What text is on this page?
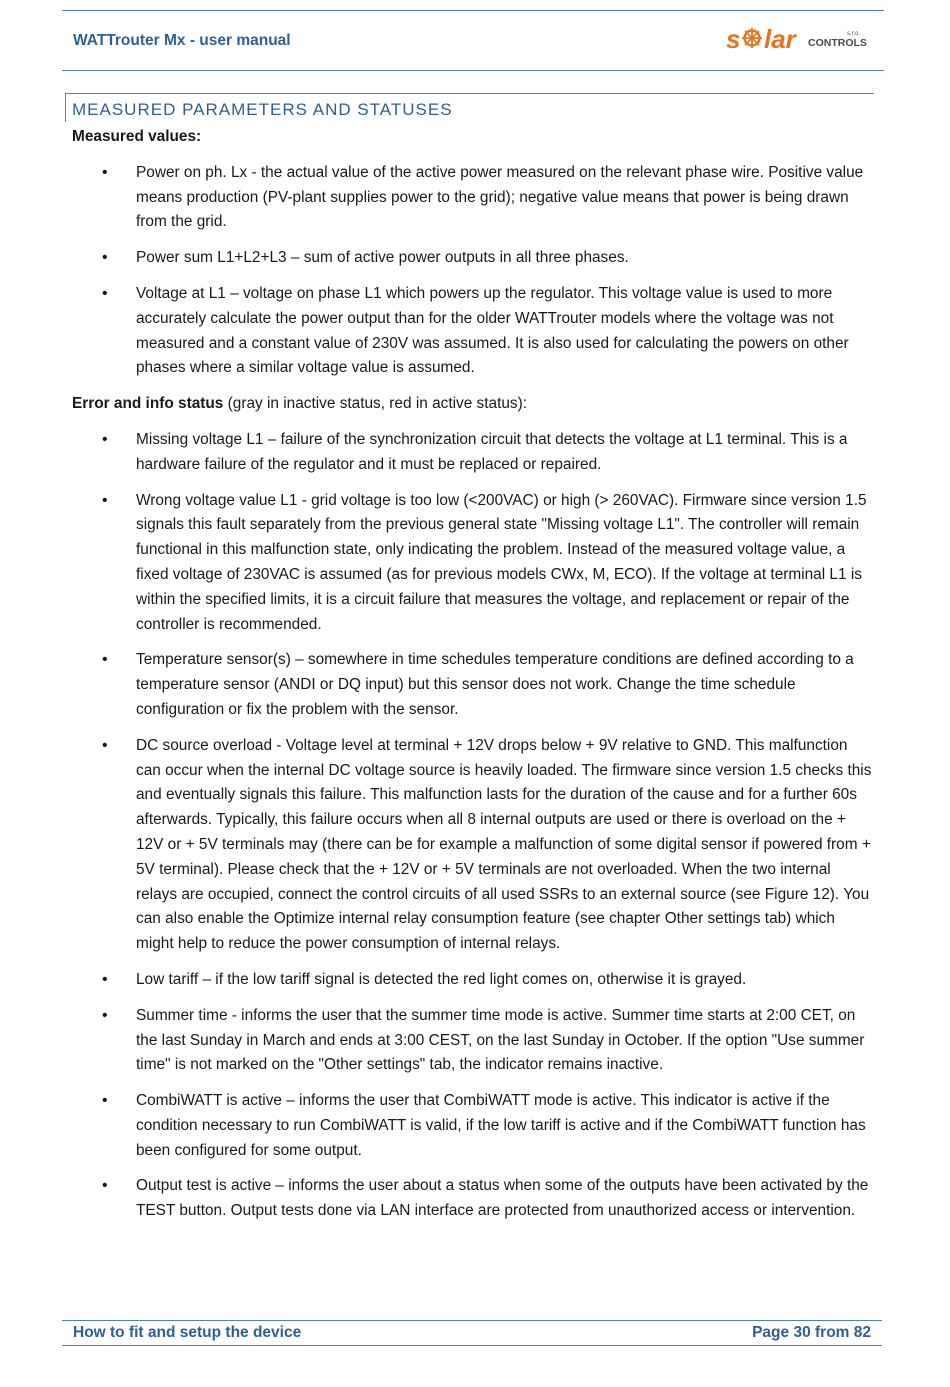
WATTrouter Mx - user manual	s lar	s.r.o.
CONTROLS
MEASURED PARAMETERS AND STATUSES

Measured values:

• Power on ph. Lx - the actual value of the active power measured on the relevant phase wire. Positive value means production (PV-plant supplies power to the grid); negative value means that power is being drawn from the grid.
• Power sum L1+L2+L3 – sum of active power outputs in all three phases.
• Voltage at L1 – voltage on phase L1 which powers up the regulator. This voltage value is used to more accurately calculate the power output than for the older WATTrouter models where the voltage was not measured and a constant value of 230V was assumed. It is also used for calculating the powers on other phases where a similar voltage value is assumed.

Error and info status (gray in inactive status, red in active status):

• Missing voltage L1 – failure of the synchronization circuit that detects the voltage at L1 terminal. This is a hardware failure of the regulator and it must be replaced or repaired.
• Wrong voltage value L1 - grid voltage is too low (<200VAC) or high (> 260VAC). Firmware since version 1.5 signals this fault separately from the previous general state "Missing voltage L1". The controller will remain functional in this malfunction state, only indicating the problem. Instead of the measured voltage value, a fixed voltage of 230VAC is assumed (as for previous models CWx, M, ECO). If the voltage at terminal L1 is within the specified limits, it is a circuit failure that measures the voltage, and replacement or repair of the controller is recommended.
• Temperature sensor(s) – somewhere in time schedules temperature conditions are defined according to a temperature sensor (ANDI or DQ input) but this sensor does not work. Change the time schedule configuration or fix the problem with the sensor.
• DC source overload - Voltage level at terminal + 12V drops below + 9V relative to GND. This malfunction can occur when the internal DC voltage source is heavily loaded. The firmware since version 1.5 checks this and eventually signals this failure. This malfunction lasts for the duration of the cause and for a further 60s afterwards. Typically, this failure occurs when all 8 internal outputs are used or there is overload on the + 12V or + 5V terminals may (there can be for example a malfunction of some digital sensor if powered from + 5V terminal). Please check that the + 12V or + 5V terminals are not overloaded. When the two internal relays are occupied, connect the control circuits of all used SSRs to an external source (see Figure 12). You can also enable the Optimize internal relay consumption feature (see chapter Other settings tab) which might help to reduce the power consumption of internal relays.
• Low tariff – if the low tariff signal is detected the red light comes on, otherwise it is grayed.
• Summer time - informs the user that the summer time mode is active. Summer time starts at 2:00 CET, on the last Sunday in March and ends at 3:00 CEST, on the last Sunday in October. If the option "Use summer time" is not marked on the "Other settings" tab, the indicator remains inactive.
• CombiWATT is active – informs the user that CombiWATT mode is active. This indicator is active if the condition necessary to run CombiWATT is valid, if the low tariff is active and if the CombiWATT function has been configured for some output.
• Output test is active – informs the user about a status when some of the outputs have been activated by the TEST button. Output tests done via LAN interface are protected from unauthorized access or intervention.
How to fit and setup the device	Page 30 from 82
